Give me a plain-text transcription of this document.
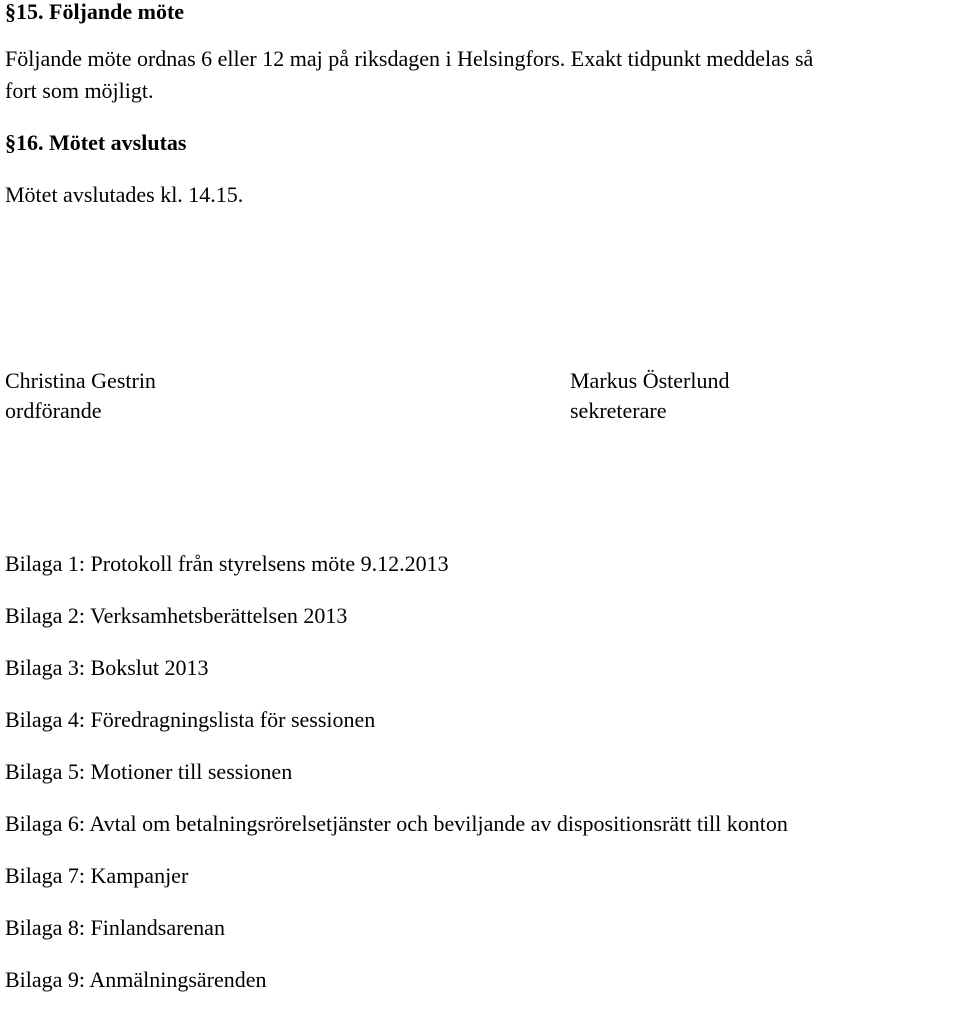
§15. Följande möte

Följande möte ordnas 6 eller 12 maj på riksdagen i Helsingfors. Exakt tidpunkt meddelas så

fort som möjligt.

§16. Mötet avslutas

Mötet avslutades kl. 14.15.

Christina Gestrin
ordförande
Markus Österlund
sekreterare
Bilaga 1: Protokoll från styrelsens möte 9.12.2013
Bilaga 2: Verksamhetsberättelsen 2013
Bilaga 3: Bokslut 2013
Bilaga 4: Föredragningslista för sessionen
Bilaga 5: Motioner till sessionen
Bilaga 6: Avtal om betalningsrörelsetjänster och beviljande av dispositionsrätt till konton
Bilaga 7: Kampanjer
Bilaga 8: Finlandsarenan
Bilaga 9: Anmälningsärenden
